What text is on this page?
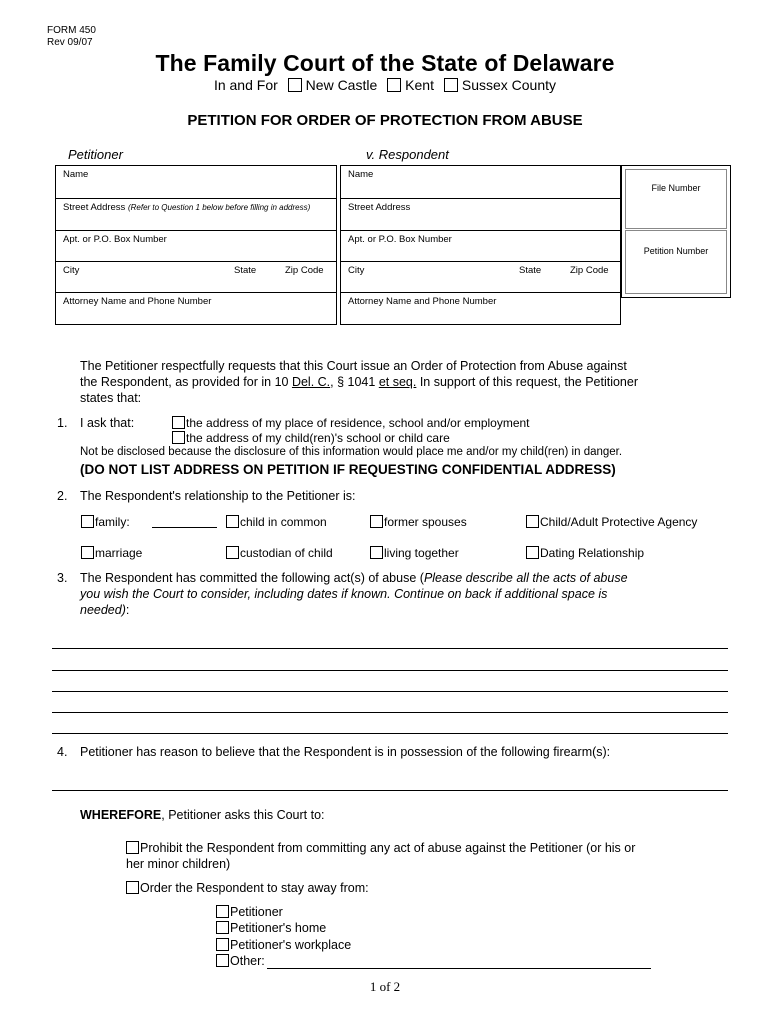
FORM 450
Rev 09/07
The Family Court of the State of Delaware
In and For New Castle Kent Sussex County
PETITION FOR ORDER OF PROTECTION FROM ABUSE
Petitioner	v. Respondent
Name
Street Address (Refer to Question 1 below before filling in address)
Apt. or P.O. Box Number
City	State	Zip Code
Attorney Name and Phone Number
Name
Street Address
Apt. or P.O. Box Number
City	State	Zip Code
Attorney Name and Phone Number
File Number
Petition Number
The Petitioner respectfully requests that this Court issue an Order of Protection from Abuse against
the Respondent, as provided for in 10 Del. C., § 1041 et seq. In support of this request, the Petitioner
states that:
1. I ask that:	the address of my place of residence, school and/or employment
the address of my child(ren)'s school or child care
Not be disclosed because the disclosure of this information would place me and/or my child(ren) in danger.
(DO NOT LIST ADDRESS ON PETITION IF REQUESTING CONFIDENTIAL ADDRESS)
2. The Respondent's relationship to the Petitioner is:
family:	child in common	former spouses	Child/Adult Protective Agency
marriage	custodian of child	living together	Dating Relationship
3. The Respondent has committed the following act(s) of abuse (Please describe all the acts of abuse
you wish the Court to consider, including dates if known. Continue on back if additional space is
needed):
4. Petitioner has reason to believe that the Respondent is in possession of the following firearm(s):
WHEREFORE, Petitioner asks this Court to:
Prohibit the Respondent from committing any act of abuse against the Petitioner (or his or
her minor children)
Order the Respondent to stay away from:
Petitioner
Petitioner's home
Petitioner's workplace
Other:
1 of 2
